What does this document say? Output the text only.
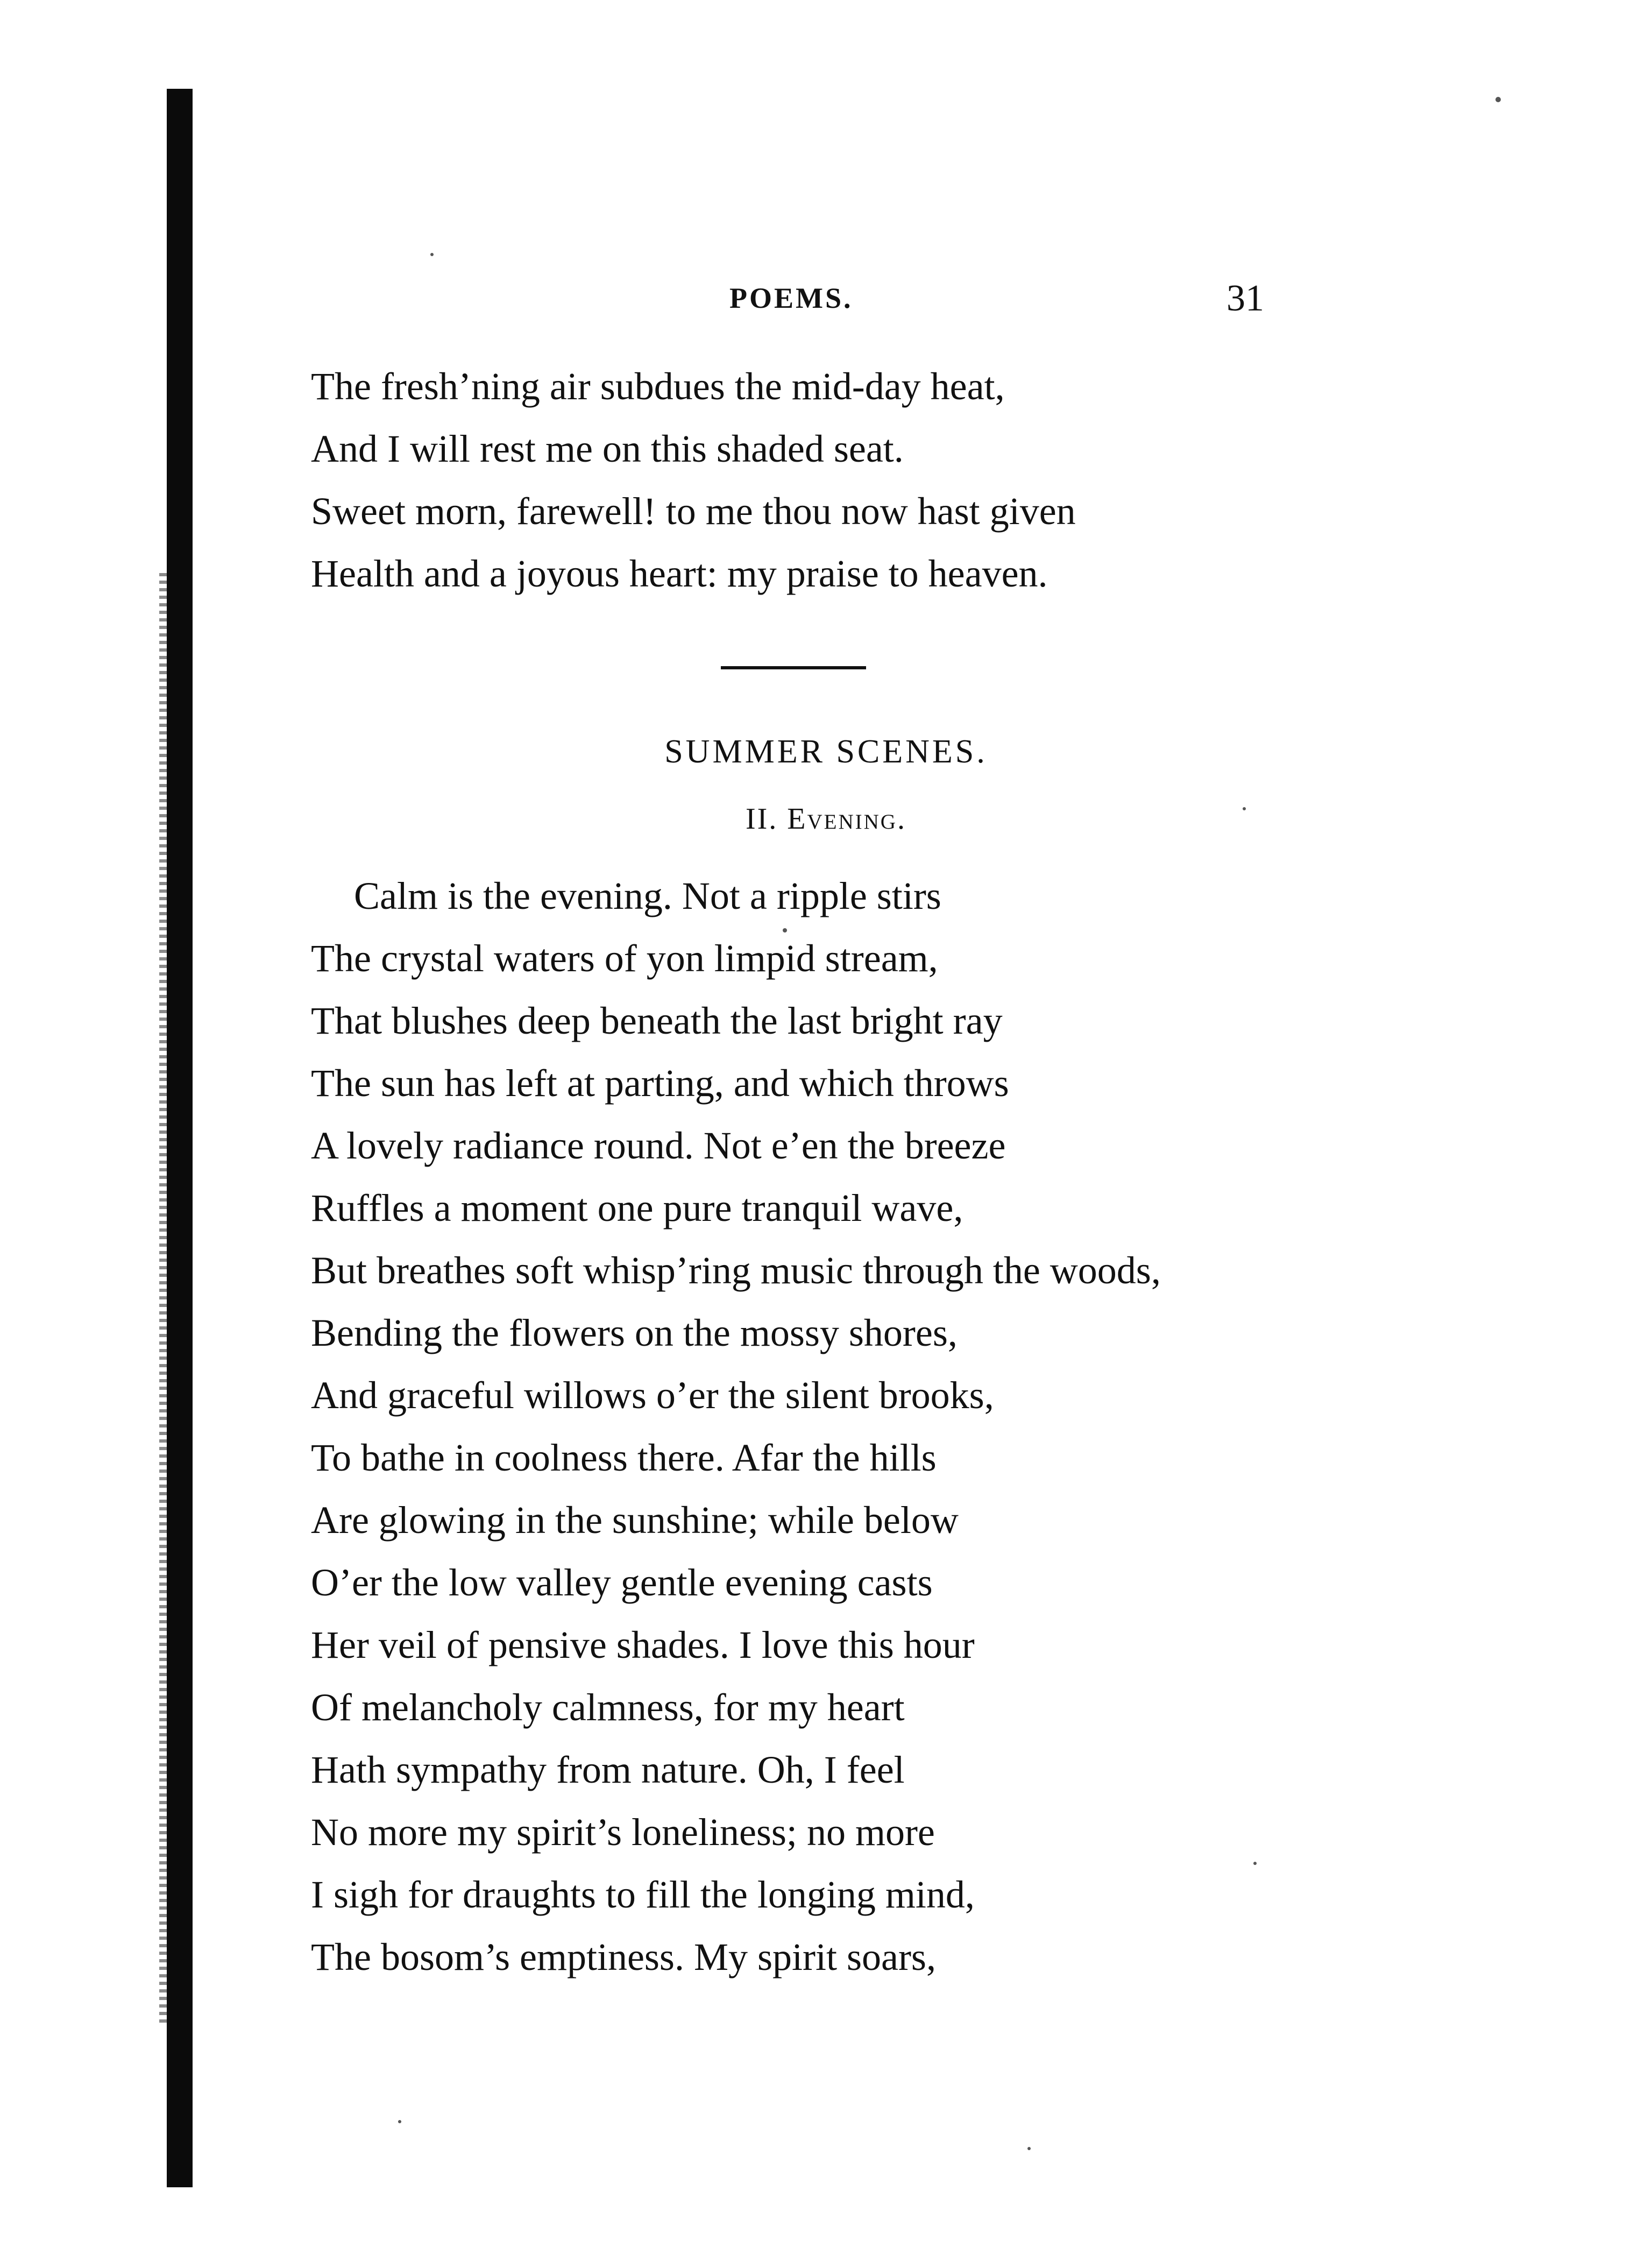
POEMS.	31
The fresh’ning air subdues the mid-day heat,
And I will rest me on this shaded seat.
Sweet morn, farewell! to me thou now hast given
Health and a joyous heart: my praise to heaven.
SUMMER SCENES.
II. Evening.
Calm is the evening. Not a ripple stirs
The crystal waters of yon limpid stream,
That blushes deep beneath the last bright ray
The sun has left at parting, and which throws
A lovely radiance round. Not e’en the breeze
Ruffles a moment one pure tranquil wave,
But breathes soft whisp’ring music through the woods,
Bending the flowers on the mossy shores,
And graceful willows o’er the silent brooks,
To bathe in coolness there. Afar the hills
Are glowing in the sunshine; while below
O’er the low valley gentle evening casts
Her veil of pensive shades. I love this hour
Of melancholy calmness, for my heart
Hath sympathy from nature. Oh, I feel
No more my spirit’s loneliness; no more
I sigh for draughts to fill the longing mind,
The bosom’s emptiness. My spirit soars,
